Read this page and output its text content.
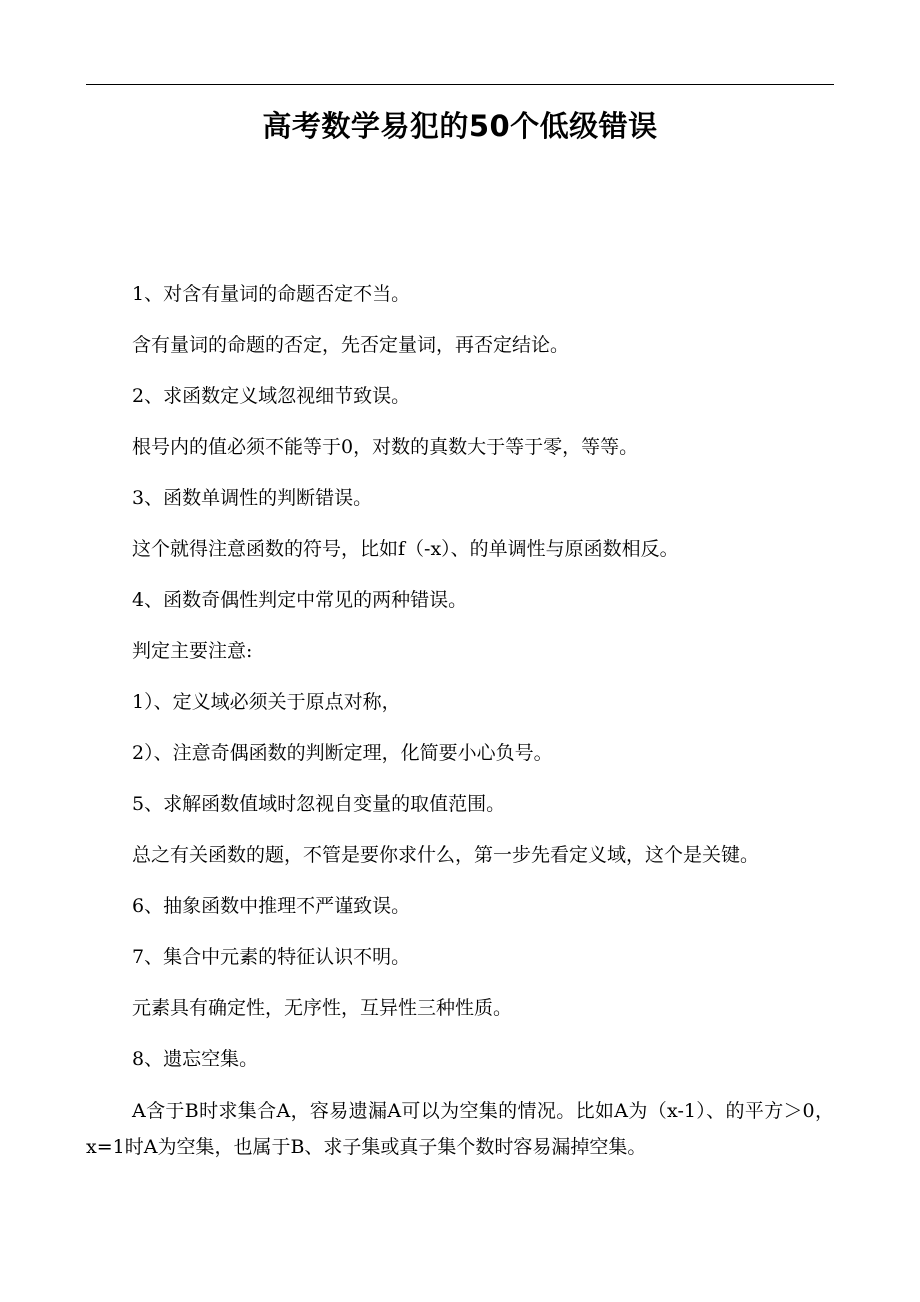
高考数学易犯的50个低级错误

1、对含有量词的命题否定不当。

含有量词的命题的否定，先否定量词，再否定结论。

2、求函数定义域忽视细节致误。

根号内的值必须不能等于0，对数的真数大于等于零，等等。

3、函数单调性的判断错误。

这个就得注意函数的符号，比如f（-x）、的单调性与原函数相反。

4、函数奇偶性判定中常见的两种错误。

判定主要注意:

1）、定义域必须关于原点对称，

2）、注意奇偶函数的判断定理，化简要小心负号。

5、求解函数值域时忽视自变量的取值范围。

总之有关函数的题，不管是要你求什么，第一步先看定义域，这个是关键。

6、抽象函数中推理不严谨致误。

7、集合中元素的特征认识不明。

元素具有确定性，无序性，互异性三种性质。

8、遗忘空集。

A含于B时求集合A，容易遗漏A可以为空集的情况。比如A为（x-1）、的平方＞0，x=1时A为空集，也属于B、求子集或真子集个数时容易漏掉空集。
